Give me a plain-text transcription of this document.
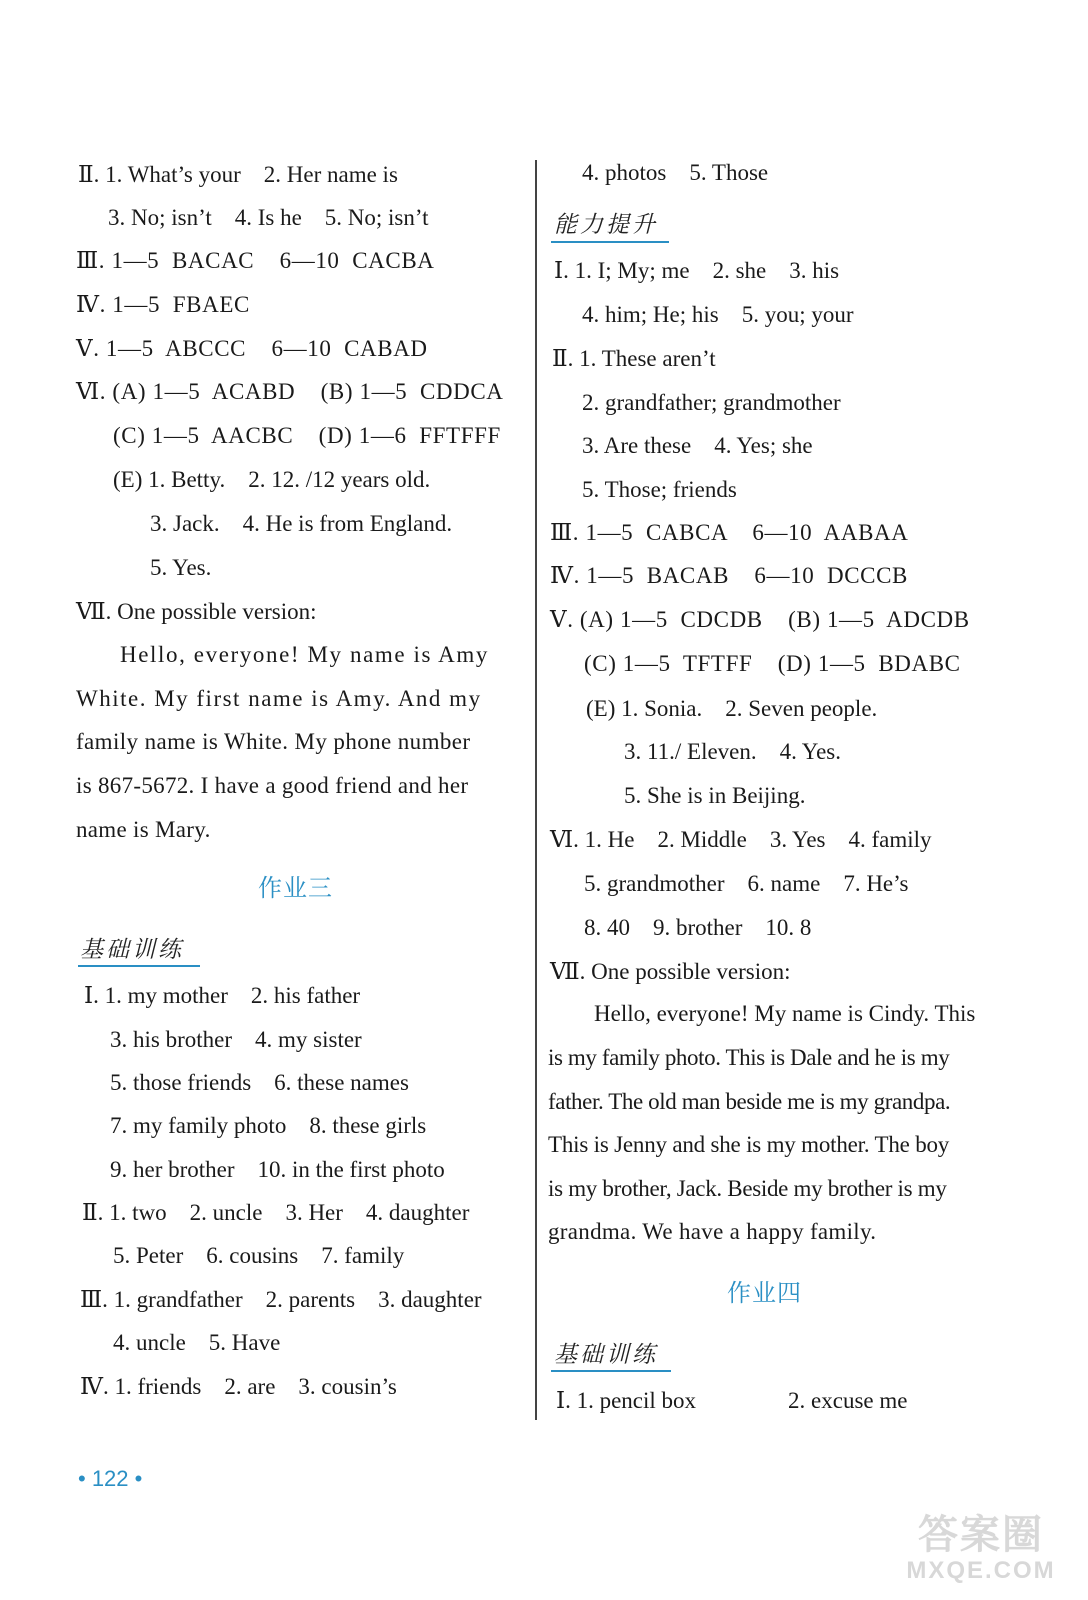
Ⅱ. 1. What’s your    2. Her name is
3. No; isn’t    4. Is he    5. No; isn’t
Ⅲ. 1—5  BACAC    6—10  CACBA
Ⅳ. 1—5  FBAEC
Ⅴ. 1—5  ABCCC    6—10  CABAD
Ⅵ. (A) 1—5  ACABD    (B) 1—5  CDDCA
(C) 1—5  AACBC    (D) 1—6  FFTFFF
(E) 1. Betty.    2. 12. /12 years old.
3. Jack.    4. He is from England.
5. Yes.
Ⅶ. One possible version:
Hello, everyone! My name is Amy
White. My first name is Amy. And my
family name is White. My phone number
is 867-5672. I have a good friend and her
name is Mary.
作业三
基础训练
Ⅰ. 1. my mother    2. his father
3. his brother    4. my sister
5. those friends    6. these names
7. my family photo    8. these girls
9. her brother    10. in the first photo
Ⅱ. 1. two    2. uncle    3. Her    4. daughter
5. Peter    6. cousins    7. family
Ⅲ. 1. grandfather    2. parents    3. daughter
4. uncle    5. Have
Ⅳ. 1. friends    2. are    3. cousin’s
4. photos    5. Those
能力提升
Ⅰ. 1. I; My; me    2. she    3. his
4. him; He; his    5. you; your
Ⅱ. 1. These aren’t
2. grandfather; grandmother
3. Are these    4. Yes; she
5. Those; friends
Ⅲ. 1—5  CABCA    6—10  AABAA
Ⅳ. 1—5  BACAB    6—10  DCCCB
Ⅴ. (A) 1—5  CDCDB    (B) 1—5  ADCDB
(C) 1—5  TFTFF    (D) 1—5  BDABC
(E) 1. Sonia.    2. Seven people.
3. 11./ Eleven.    4. Yes.
5. She is in Beijing.
Ⅵ. 1. He    2. Middle    3. Yes    4. family
5. grandmother    6. name    7. He’s
8. 40    9. brother    10. 8
Ⅶ. One possible version:
Hello, everyone! My name is Cindy. This
is my family photo. This is Dale and he is my
father. The old man beside me is my grandpa.
This is Jenny and she is my mother. The boy
is my brother, Jack. Beside my brother is my
grandma. We have a happy family.
作业四
基础训练
Ⅰ. 1. pencil box                2. excuse me
• 122 •
答案圈
MXQE.COM
